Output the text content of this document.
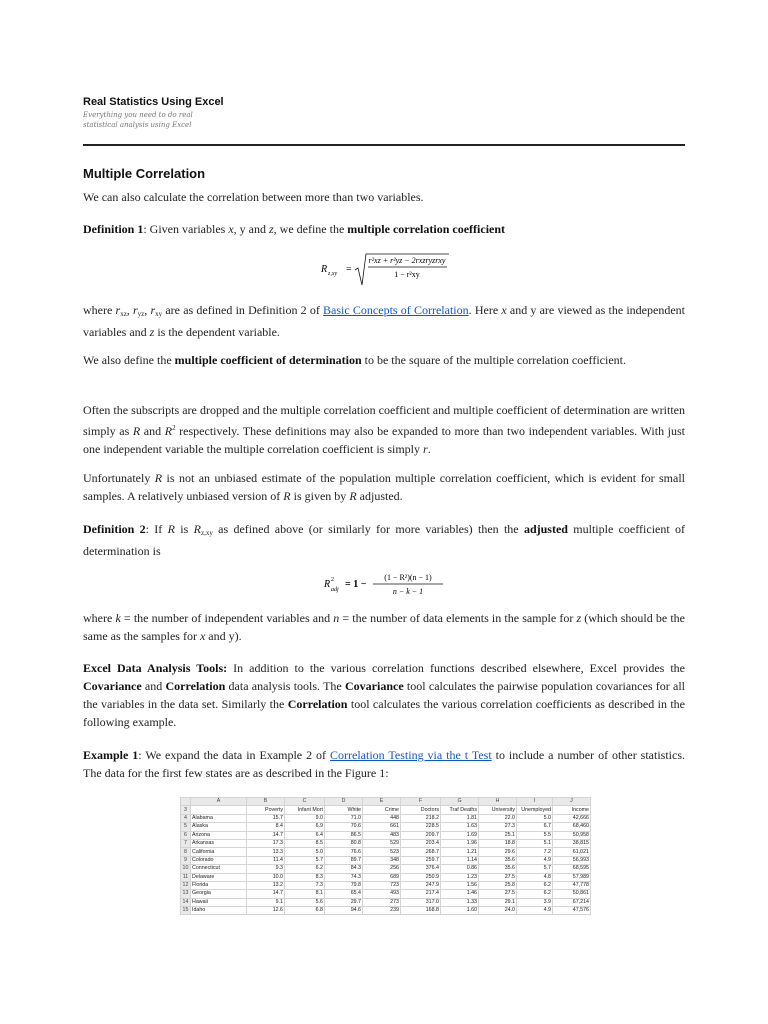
Real Statistics Using Excel
Everything you need to do real
statistical analysis using Excel
Multiple Correlation

We can also calculate the correlation between more than two variables.

Definition 1: Given variables x, y and z, we define the multiple correlation coefficient

R z,xy =
r²xz + r²yz − 2rxzryzrxy
1 − r²xy

where $r_{xz}$, $r_{yz}$, $r_{xy}$ are as defined in Definition 2 of Basic Concepts of Correlation. Here x and y are viewed as the independent variables and z is the dependent variable.

We also define the multiple coefficient of determination to be the square of the multiple correlation coefficient.

Often the subscripts are dropped and the multiple correlation coefficient and multiple coefficient of determination are written simply as R and $R^2$ respectively. These definitions may also be expanded to more than two independent variables. With just one independent variable the multiple correlation coefficient is simply r.

Unfortunately R is not an unbiased estimate of the population multiple correlation coefficient, which is evident for small samples. A relatively unbiased version of R is given by R adjusted.

Definition 2: If R is $R_{z,xy}$ as defined above (or similarly for more variables) then the adjusted multiple coefficient of determination is

R 2
adj = 1 −
(1 − R²)(n − 1)
n − k − 1

where k = the number of independent variables and n = the number of data elements in the sample for z (which should be the same as the samples for x and y).

Excel Data Analysis Tools: In addition to the various correlation functions described elsewhere, Excel provides the Covariance and Correlation data analysis tools. The Covariance tool calculates the pairwise population covariances for all the variables in the data set. Similarly the Correlation tool calculates the various correlation coefficients as described in the following example.

Example 1: We expand the data in Example 2 of Correlation Testing via the t Test to include a number of other statistics. The data for the first few states are as described in the Figure 1:

	A	B	C	D	E	F	G	H	I	J
3		Poverty	Infant Mort	White	Crime	Doctors	Traf Deaths	University	Unemployed	Income
4	Alabama	15.7	9.0	71.0	448	218.2	1.81	22.0	5.0	42,666
5	Alaska	8.4	6.9	70.6	661	228.5	1.63	27.3	6.7	68,460
6	Arizona	14.7	6.4	86.5	483	209.7	1.69	25.1	5.5	50,958
7	Arkansas	17.3	8.5	80.8	529	203.4	1.96	18.8	5.1	38,815
8	California	13.3	5.0	76.6	523	268.7	1.21	29.6	7.2	61,021
9	Colorado	11.4	5.7	89.7	348	259.7	1.14	35.6	4.9	56,993
10	Connecticut	9.3	6.2	84.3	256	376.4	0.86	35.6	5.7	68,595
11	Delaware	10.0	8.3	74.3	689	250.9	1.23	27.5	4.8	57,989
12	Florida	13.2	7.3	79.8	723	247.9	1.56	25.8	6.2	47,778
13	Georgia	14.7	8.1	65.4	493	217.4	1.46	27.5	6.2	50,861
14	Hawaii	9.1	5.6	29.7	273	317.0	1.33	29.1	3.9	67,214
15	Idaho	12.6	6.8	94.6	239	168.8	1.60	24.0	4.9	47,576
